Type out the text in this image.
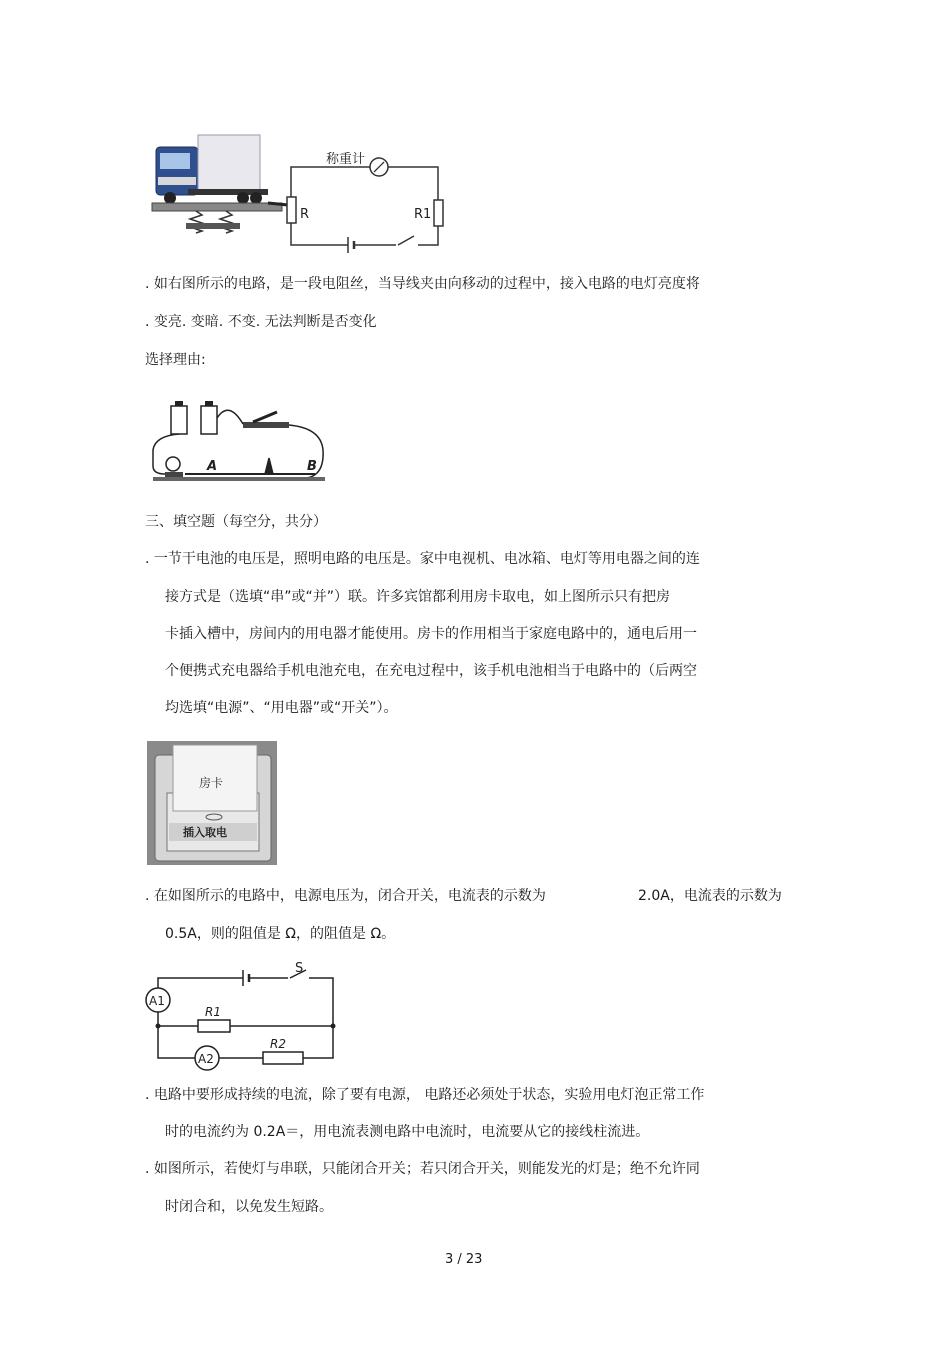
称重计
R	R1
. 如右图所示的电路，是一段电阻丝，当导线夹由向移动的过程中，接入电路的电灯亮度将
. 变亮. 变暗. 不变. 无法判断是否变化
选择理由:
A	B
三、填空题（每空分，共分）
. 一节干电池的电压是，照明电路的电压是。家中电视机、电冰箱、电灯等用电器之间的连
接方式是（选填“串”或“并”）联。许多宾馆都利用房卡取电，如上图所示只有把房
卡插入槽中，房间内的用电器才能使用。房卡的作用相当于家庭电路中的，通电后用一
个便携式充电器给手机电池充电，在充电过程中，该手机电池相当于电路中的（后两空
均选填“电源”、“用电器”或“开关”）。
房卡
插入取电
. 在如图所示的电路中，电源电压为，闭合开关，电流表的示数为	2.0A，电流表的示数为
0.5A，则的阻值是 Ω，的阻值是 Ω。
S
A1
A2
R1
R2
. 电路中要形成持续的电流，除了要有电源， 电路还必须处于状态，实验用电灯泡正常工作
时的电流约为 0.2A＝，用电流表测电路中电流时，电流要从它的接线柱流进。
. 如图所示，若使灯与串联，只能闭合开关；若只闭合开关，则能发光的灯是；绝不允许同
时闭合和，以免发生短路。
3 / 23
